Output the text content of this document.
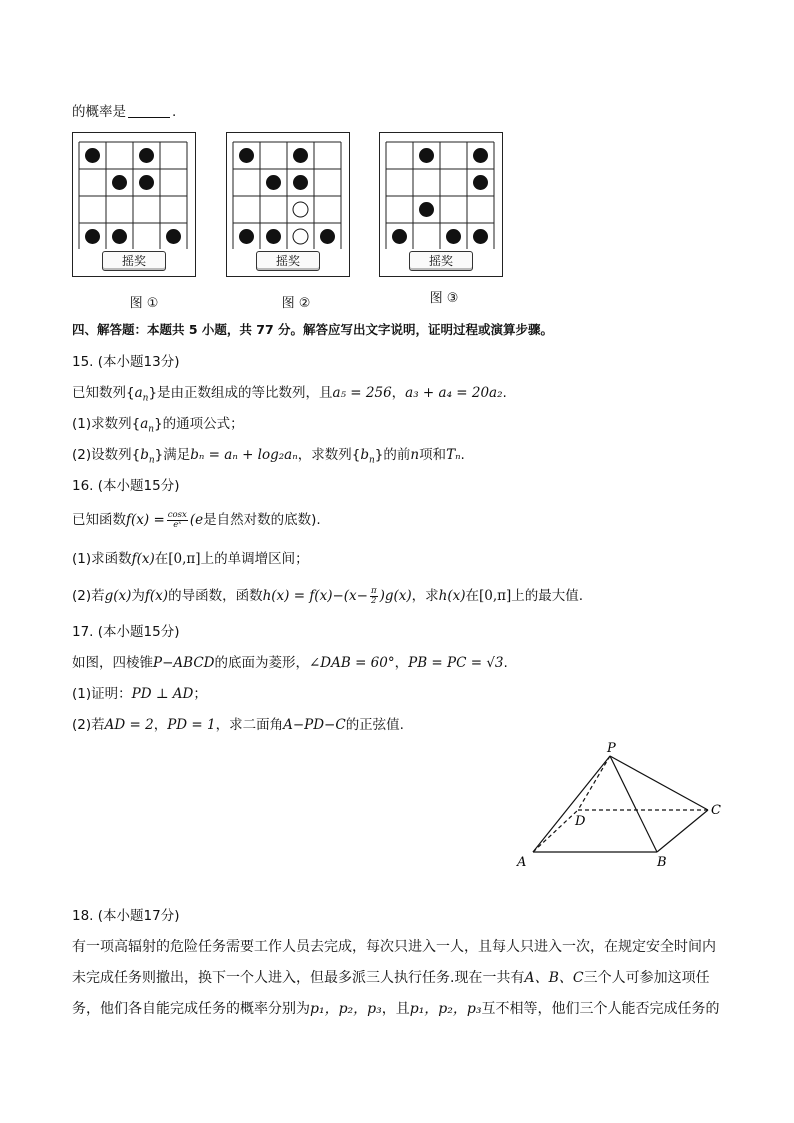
的概率是	.
摇奖	摇奖	摇奖
图 ①	图 ②	图 ③
四、解答题：本题共 5 小题，共 77 分。解答应写出文字说明，证明过程或演算步骤。
15. (本小题13分)
已知数列$\{a_n\}$是由正数组成的等比数列，且a₅ = 256，a₃ + a₄ = 20a₂.
(1)求数列$\{a_n\}$的通项公式；
(2)设数列$\{b_n\}$满足bₙ = aₙ + log₂aₙ，求数列$\{b_n\}$的前n项和Tₙ.
16. (本小题15分)
已知函数$f(x) = \frac{\cos x}{\text{eˣ}} (e$是自然对数的底数).
(1)求函数f(x)在[0,π]上的单调增区间；
(2)若g(x)为f(x)的导函数，函数$h(x) = f(x)-(x- \frac{\pi}{2} )g(x)$，求h(x)在[0,π]上的最大值.
17. (本小题15分)
如图，四棱锥P−ABCD的底面为菱形，∠DAB = 60°，PB = PC = √3.
(1)证明：PD ⊥ AD；
(2)若AD = 2，PD = 1，求二面角A−PD−C的正弦值.
P
A	B
C
D
18. (本小题17分)
有一项高辐射的危险任务需要工作人员去完成，每次只进入一人，且每人只进入一次，在规定安全时间内
未完成任务则撤出，换下一个人进入，但最多派三人执行任务.现在一共有A、B、C三个人可参加这项任
务，他们各自能完成任务的概率分别为p₁，p₂，p₃，且p₁，p₂，p₃互不相等，他们三个人能否完成任务的
